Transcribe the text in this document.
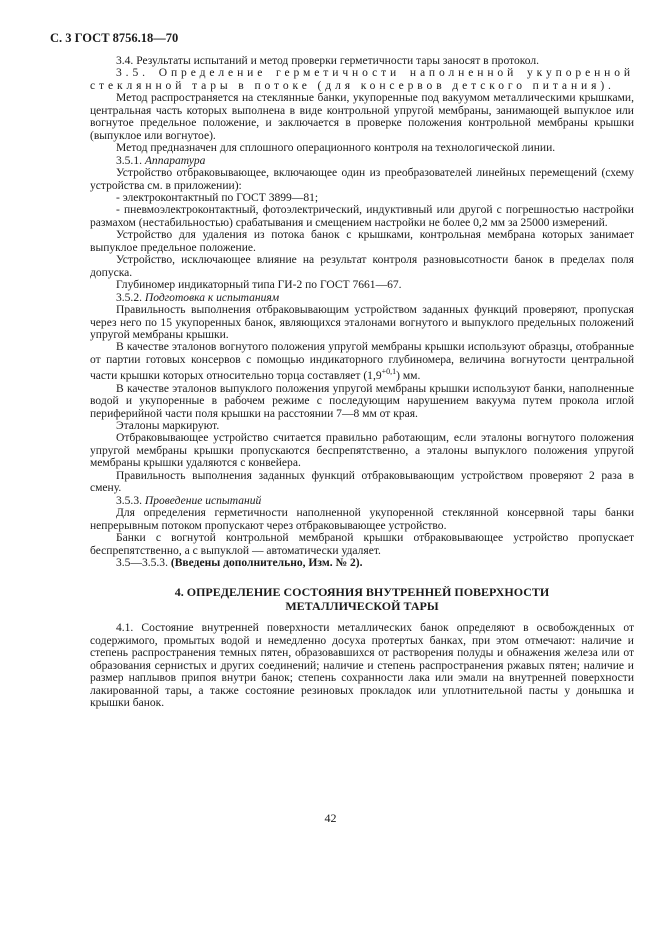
С. 3 ГОСТ 8756.18—70

3.4. Результаты испытаний и метод проверки герметичности тары заносят в протокол.

3.5. Определение герметичности наполненной укупоренной стеклянной тары в потоке (для консервов детского питания).

Метод распространяется на стеклянные банки, укупоренные под вакуумом металлическими крышками, центральная часть которых выполнена в виде контрольной упругой мембраны, занимающей выпуклое или вогнутое предельное положение, и заключается в проверке положения контрольной мембраны крышки (выпуклое или вогнутое).

Метод предназначен для сплошного операционного контроля на технологической линии.

3.5.1. Аппаратура

Устройство отбраковывающее, включающее один из преобразователей линейных перемещений (схему устройства см. в приложении):

- электроконтактный по ГОСТ 3899—81;

- пневмоэлектроконтактный, фотоэлектрический, индуктивный или другой с погрешностью настройки размахом (нестабильностью) срабатывания и смещением настройки не более 0,2 мм за 25000 измерений.

Устройство для удаления из потока банок с крышками, контрольная мембрана которых занимает выпуклое предельное положение.

Устройство, исключающее влияние на результат контроля разновысотности банок в пределах поля допуска.

Глубиномер индикаторный типа ГИ-2 по ГОСТ 7661—67.

3.5.2. Подготовка к испытаниям

Правильность выполнения отбраковывающим устройством заданных функций проверяют, пропуская через него по 15 укупоренных банок, являющихся эталонами вогнутого и выпуклого предельных положений упругой мембраны крышки.

В качестве эталонов вогнутого положения упругой мембраны крышки используют образцы, отобранные от партии готовых консервов с помощью индикаторного глубиномера, величина вогнутости центральной части крышки которых относительно торца составляет $(1,9^{+0,1})$ мм.

В качестве эталонов выпуклого положения упругой мембраны крышки используют банки, наполненные водой и укупоренные в рабочем режиме с последующим нарушением вакуума путем прокола иглой периферийной части поля крышки на расстоянии 7—8 мм от края.

Эталоны маркируют.

Отбраковывающее устройство считается правильно работающим, если эталоны вогнутого положения упругой мембраны крышки пропускаются беспрепятственно, а эталоны выпуклого положения упругой мембраны крышки удаляются с конвейера.

Правильность выполнения заданных функций отбраковывающим устройством проверяют 2 раза в смену.

3.5.3. Проведение испытаний

Для определения герметичности наполненной укупоренной стеклянной консервной тары банки непрерывным потоком пропускают через отбраковывающее устройство.

Банки с вогнутой контрольной мембраной крышки отбраковывающее устройство пропускает беспрепятственно, а с выпуклой — автоматически удаляет.

3.5—3.5.3. (Введены дополнительно, Изм. № 2).

4. ОПРЕДЕЛЕНИЕ СОСТОЯНИЯ ВНУТРЕННЕЙ ПОВЕРХНОСТИ
МЕТАЛЛИЧЕСКОЙ ТАРЫ

4.1. Состояние внутренней поверхности металлических банок определяют в освобожденных от содержимого, промытых водой и немедленно досуха протертых банках, при этом отмечают: наличие и степень распространения темных пятен, образовавшихся от растворения полуды и обнажения железа или от образования сернистых и других соединений; наличие и степень распространения ржавых пятен; наличие и размер наплывов припоя внутри банок; степень сохранности лака или эмали на внутренней поверхности лакированной тары, а также состояние резиновых прокладок или уплотнительной пасты у донышка и крышки банок.

42
